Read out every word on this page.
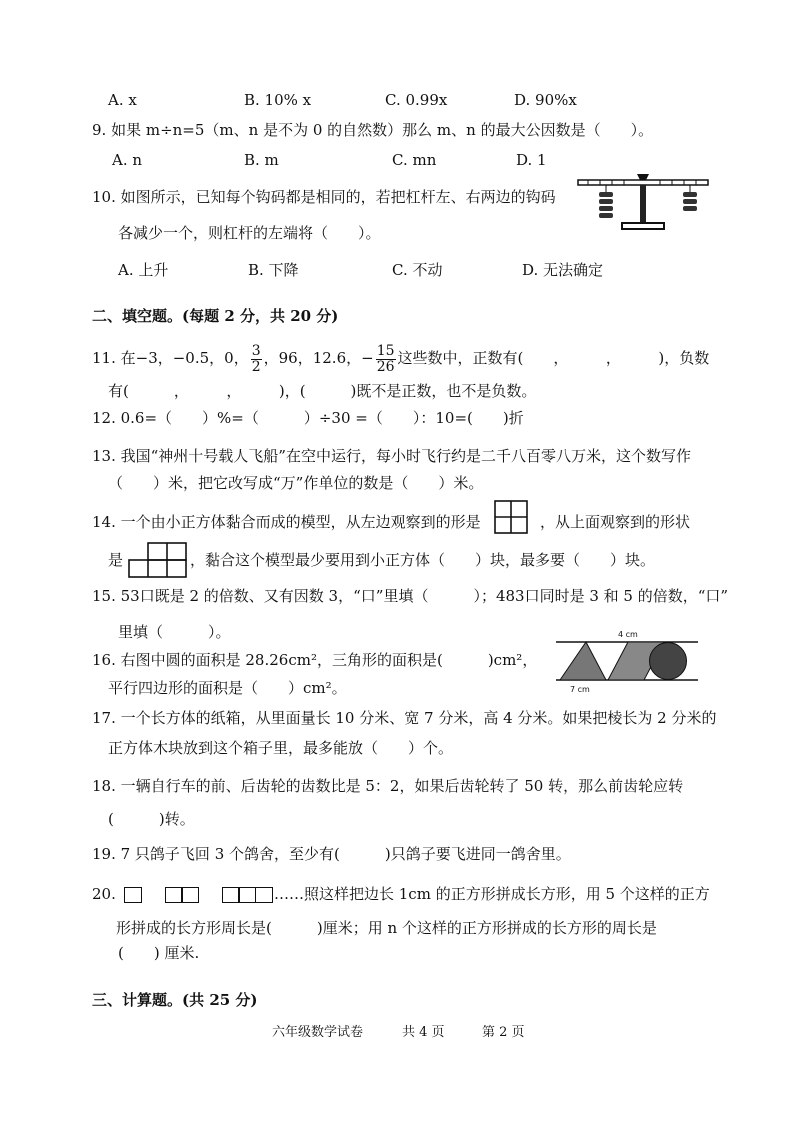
A. x	B. 10% x	C. 0.99x	D. 90%x
9. 如果 m÷n=5（m、n 是不为 0 的自然数）那么 m、n 的最大公因数是（　　）。
A. n	B. m	C. mn	D. 1
10. 如图所示，已知每个钩码都是相同的，若把杠杆左、右两边的钩码
各减少一个，则杠杆的左端将（　　）。
A. 上升	B. 下降	C. 不动	D. 无法确定
二、填空题。(每题 2 分，共 20 分)
11. 在−3，−0.5，0， $\frac{3}{2}$ ，96，12.6，− $\frac{15}{26}$ 这些数中，正数有(　　，　　　，　　　)，负数
有(　　　，　　　，　　　)，(　　　)既不是正数，也不是负数。
12. 0.6=（　　）%=（　　　）÷30 =（　　）：10=(　　)折
13. 我国“神州十号载人飞船”在空中运行，每小时飞行约是二千八百零八万米，这个数写作
（　　）米，把它改写成“万”作单位的数是（　　）米。
14. 一个由小正方体黏合而成的模型，从左边观察到的形是	，从上面观察到的形状
是	，黏合这个模型最少要用到小正方体（　　）块，最多要（　　）块。
15. 53口既是 2 的倍数、又有因数 3，“口”里填（　　　）；483口同时是 3 和 5 的倍数，“口”
里填（　　　）。
16. 右图中圆的面积是 28.26cm²，三角形的面积是(　　　)cm²，
平行四边形的面积是（　　）cm²。
4 cm
7 cm
17. 一个长方体的纸箱，从里面量长 10 分米、宽 7 分米，高 4 分米。如果把棱长为 2 分米的
正方体木块放到这个箱子里，最多能放（　　）个。
18. 一辆自行车的前、后齿轮的齿数比是 5：2，如果后齿轮转了 50 转，那么前齿轮应转
(　　　)转。
19. 7 只鸽子飞回 3 个鸽舍，至少有(　　　)只鸽子要飞进同一鸽舍里。
20.	……照这样把边长 1cm 的正方形拼成长方形，用 5 个这样的正方
形拼成的长方形周长是(　　　)厘米；用 n 个这样的正方形拼成的长方形的周长是
(　　) 厘米.
三、计算题。(共 25 分)
六年级数学试卷	共 4 页	第 2 页
